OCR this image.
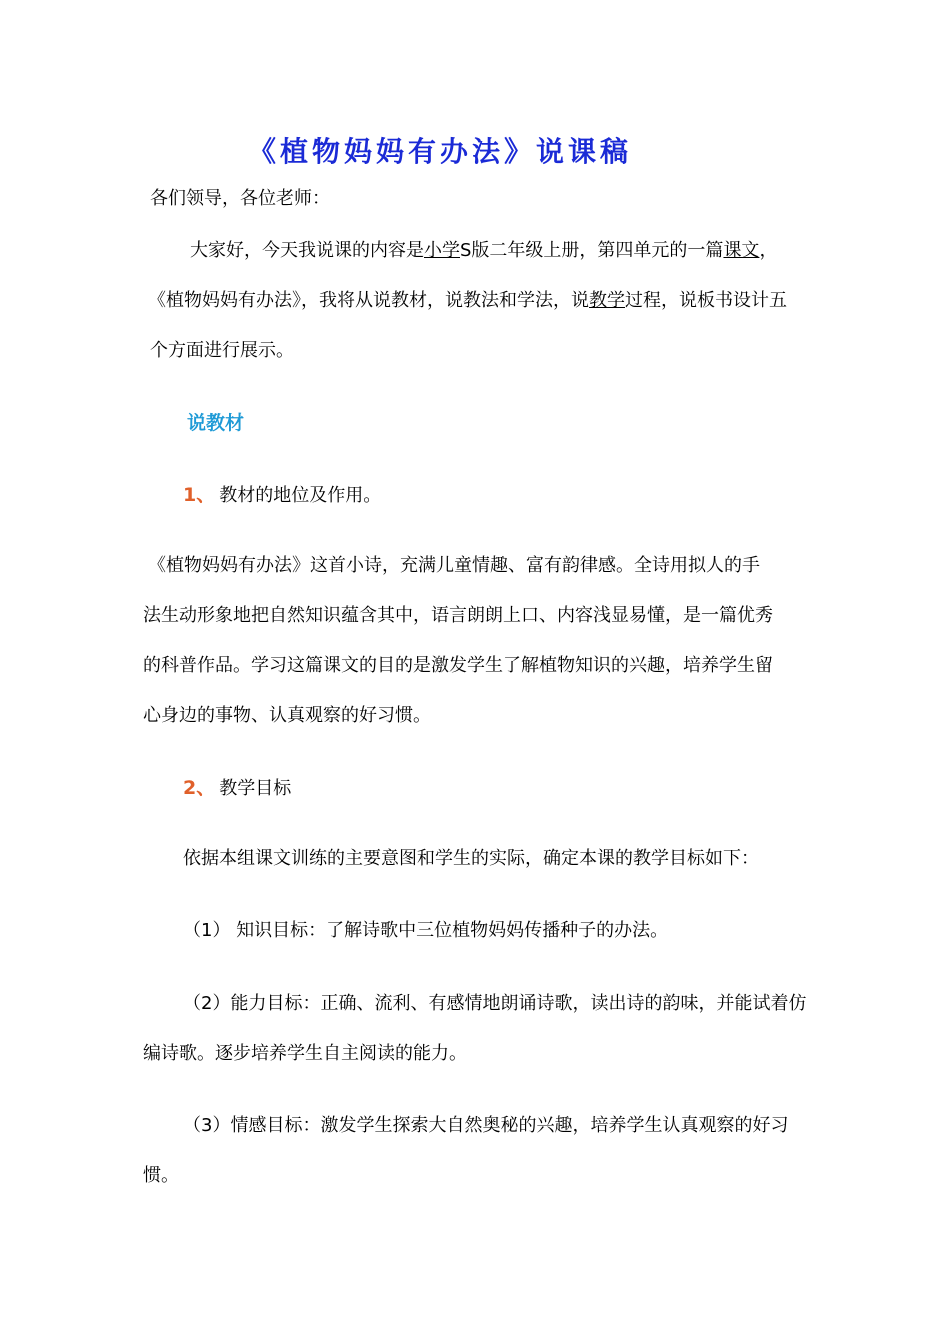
《植物妈妈有办法》说课稿
各们领导，各位老师：
大家好，今天我说课的内容是小学S版二年级上册，第四单元的一篇课文，
《植物妈妈有办法》，我将从说教材，说教法和学法，说教学过程，说板书设计五
个方面进行展示。
说教材
1、 教材的地位及作用。
《植物妈妈有办法》这首小诗，充满儿童情趣、富有韵律感。全诗用拟人的手
法生动形象地把自然知识蕴含其中，语言朗朗上口、内容浅显易懂，是一篇优秀
的科普作品。学习这篇课文的目的是激发学生了解植物知识的兴趣，培养学生留
心身边的事物、认真观察的好习惯。
2、 教学目标
依据本组课文训练的主要意图和学生的实际，确定本课的教学目标如下：
（1） 知识目标：了解诗歌中三位植物妈妈传播种子的办法。
（2）能力目标：正确、流利、有感情地朗诵诗歌，读出诗的韵味，并能试着仿
编诗歌。逐步培养学生自主阅读的能力。
（3）情感目标：激发学生探索大自然奥秘的兴趣，培养学生认真观察的好习
惯。
